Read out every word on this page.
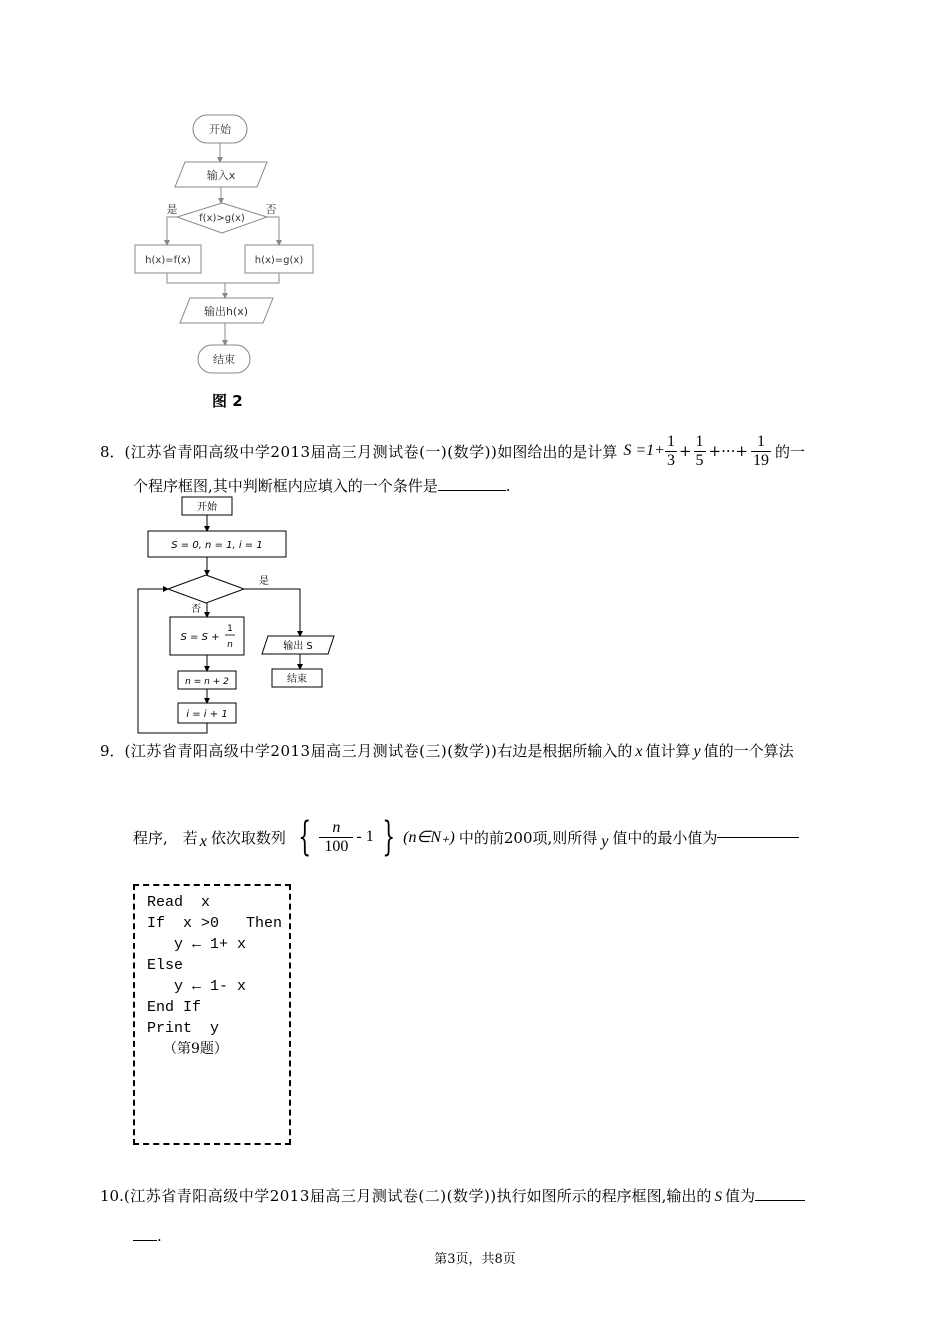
开始
输入x
f(x)>g(x)
是	否
h(x)=f(x)	h(x)=g(x)
输出h(x)
结束
图 2
8． (江苏省青阳高级中学2013届高三月测试卷(一)(数学)) 如图给出的是计算 $S =1+ \frac{1}{3} + \frac{1}{5}$ +···+ $\frac{1}{19}$ 的一
个程序框图,其中判断框内应填入的一个条件是	.
开始
S = 0, n = 1, i = 1
是
否
S = S +
1
n	输出 S
结束
n = n + 2
i = i + 1
9．(江苏省青阳高级中学2013届高三月测试卷(三)(数学))右边是根据所输入的 x 值计算 y 值的一个算法
程序,　若 x 依次取数列 { $\frac{n}{100} - 1$ } (n∈N₊) 中的前200项,则所得 y 值中的最小值为
Read  x
If  x >0   Then
y ← 1+ x
Else
y ← 1- x
End If
Print  y
（第9题）
10.(江苏省青阳高级中学2013届高三月测试卷(二)(数学))执行如图所示的程序框图,输出的 S 值为
.
第3页，共8页
